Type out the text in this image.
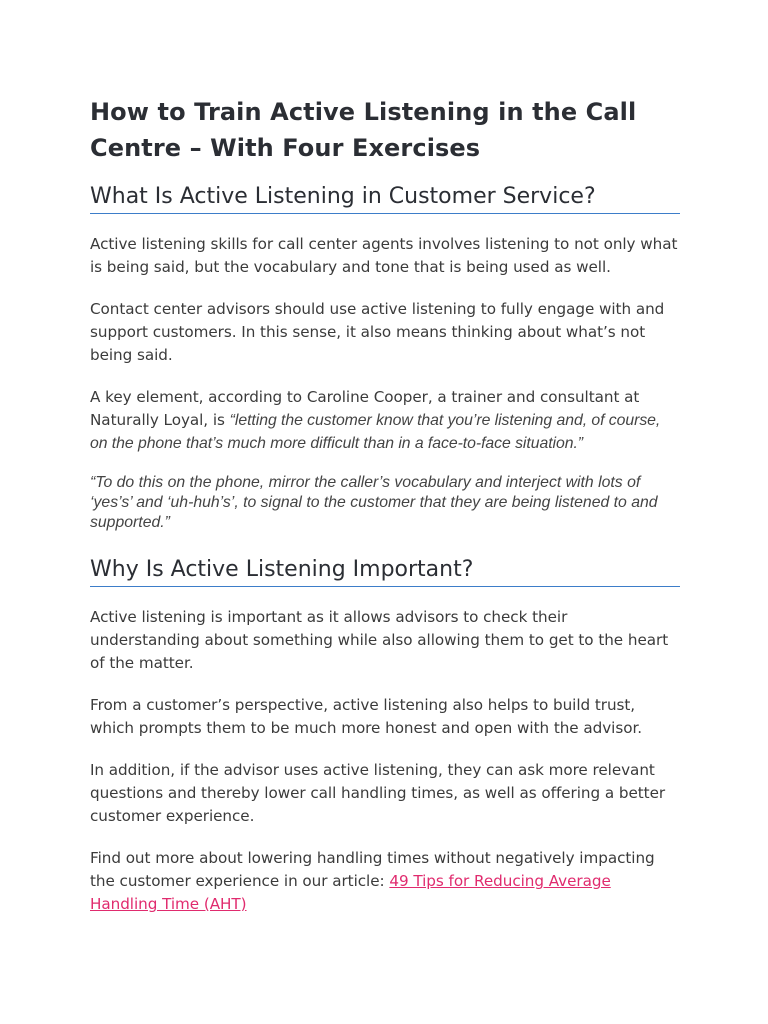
How to Train Active Listening in the Call Centre – With Four Exercises
What Is Active Listening in Customer Service?

Active listening skills for call center agents involves listening to not only what is being said, but the vocabulary and tone that is being used as well.

Contact center advisors should use active listening to fully engage with and support customers. In this sense, it also means thinking about what’s not being said.

A key element, according to Caroline Cooper, a trainer and consultant at Naturally Loyal, is “letting the customer know that you’re listening and, of course, on the phone that’s much more difficult than in a face-to-face situation.”

“To do this on the phone, mirror the caller’s vocabulary and interject with lots of ‘yes’s’ and ‘uh-huh’s’, to signal to the customer that they are being listened to and supported.”

Why Is Active Listening Important?

Active listening is important as it allows advisors to check their understanding about something while also allowing them to get to the heart of the matter.

From a customer’s perspective, active listening also helps to build trust, which prompts them to be much more honest and open with the advisor.

In addition, if the advisor uses active listening, they can ask more relevant questions and thereby lower call handling times, as well as offering a better customer experience.

Find out more about lowering handling times without negatively impacting the customer experience in our article: 49 Tips for Reducing Average Handling Time (AHT)
